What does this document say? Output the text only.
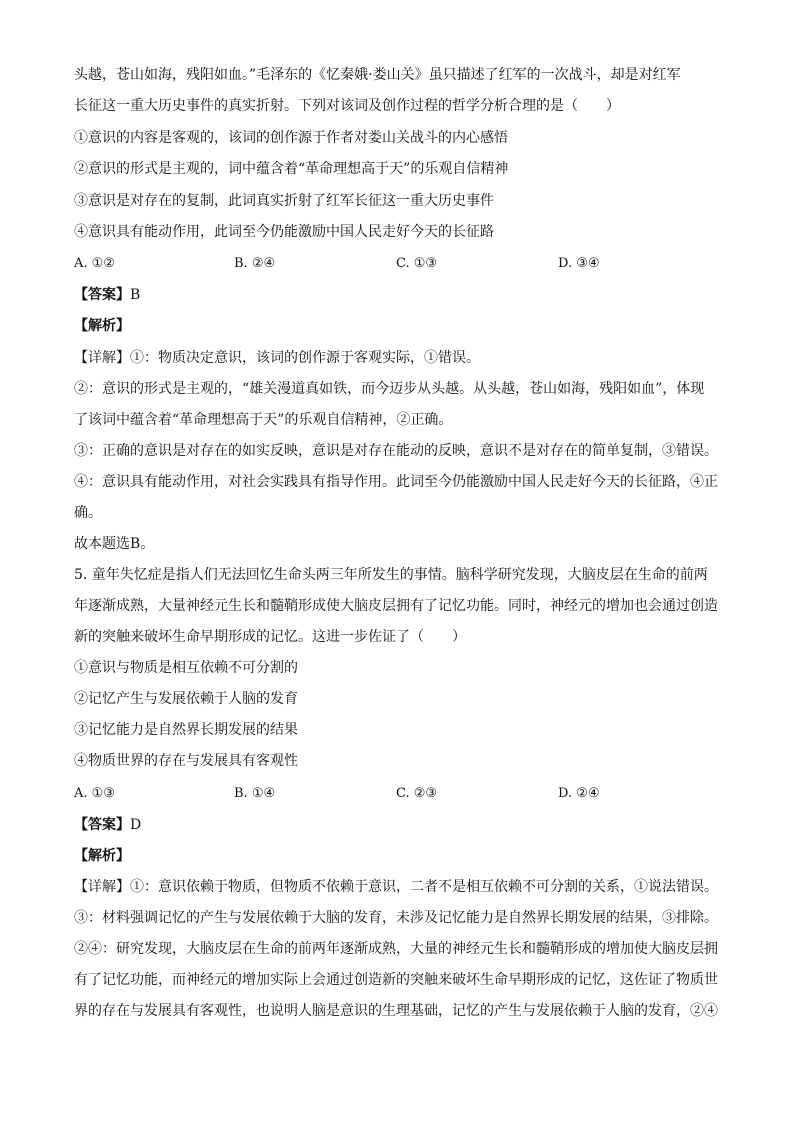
头越，苍山如海，残阳如血。”毛泽东的《忆秦娥·娄山关》虽只描述了红军的一次战斗，却是对红军
长征这一重大历史事件的真实折射。下列对该词及创作过程的哲学分析合理的是（　　）
①意识的内容是客观的，该词的创作源于作者对娄山关战斗的内心感悟
②意识的形式是主观的，词中蕴含着“革命理想高于天”的乐观自信精神
③意识是对存在的复制，此词真实折射了红军长征这一重大历史事件
④意识具有能动作用，此词至今仍能激励中国人民走好今天的长征路
A. ①②	B. ②④	C. ①③	D. ③④
【答案】B
【解析】
【详解】①：物质决定意识，该词的创作源于客观实际，①错误。
②：意识的形式是主观的，“雄关漫道真如铁，而今迈步从头越。从头越，苍山如海，残阳如血”，体现
了该词中蕴含着“革命理想高于天”的乐观自信精神，②正确。
③：正确的意识是对存在的如实反映，意识是对存在能动的反映，意识不是对存在的简单复制，③错误。
④：意识具有能动作用，对社会实践具有指导作用。此词至今仍能激励中国人民走好今天的长征路，④正
确。
故本题选B。
5. 童年失忆症是指人们无法回忆生命头两三年所发生的事情。脑科学研究发现，大脑皮层在生命的前两
年逐渐成熟，大量神经元生长和髓鞘形成使大脑皮层拥有了记忆功能。同时，神经元的增加也会通过创造
新的突触来破坏生命早期形成的记忆。这进一步佐证了（　　）
①意识与物质是相互依赖不可分割的
②记忆产生与发展依赖于人脑的发育
③记忆能力是自然界长期发展的结果
④物质世界的存在与发展具有客观性
A. ①③	B. ①④	C. ②③	D. ②④
【答案】D
【解析】
【详解】①：意识依赖于物质，但物质不依赖于意识，二者不是相互依赖不可分割的关系，①说法错误。
③：材料强调记忆的产生与发展依赖于大脑的发育，未涉及记忆能力是自然界长期发展的结果，③排除。
②④：研究发现，大脑皮层在生命的前两年逐渐成熟，大量的神经元生长和髓鞘形成的增加使大脑皮层拥
有了记忆功能，而神经元的增加实际上会通过创造新的突触来破坏生命早期形成的记忆，这佐证了物质世
界的存在与发展具有客观性，也说明人脑是意识的生理基础，记忆的产生与发展依赖于人脑的发育，②④
